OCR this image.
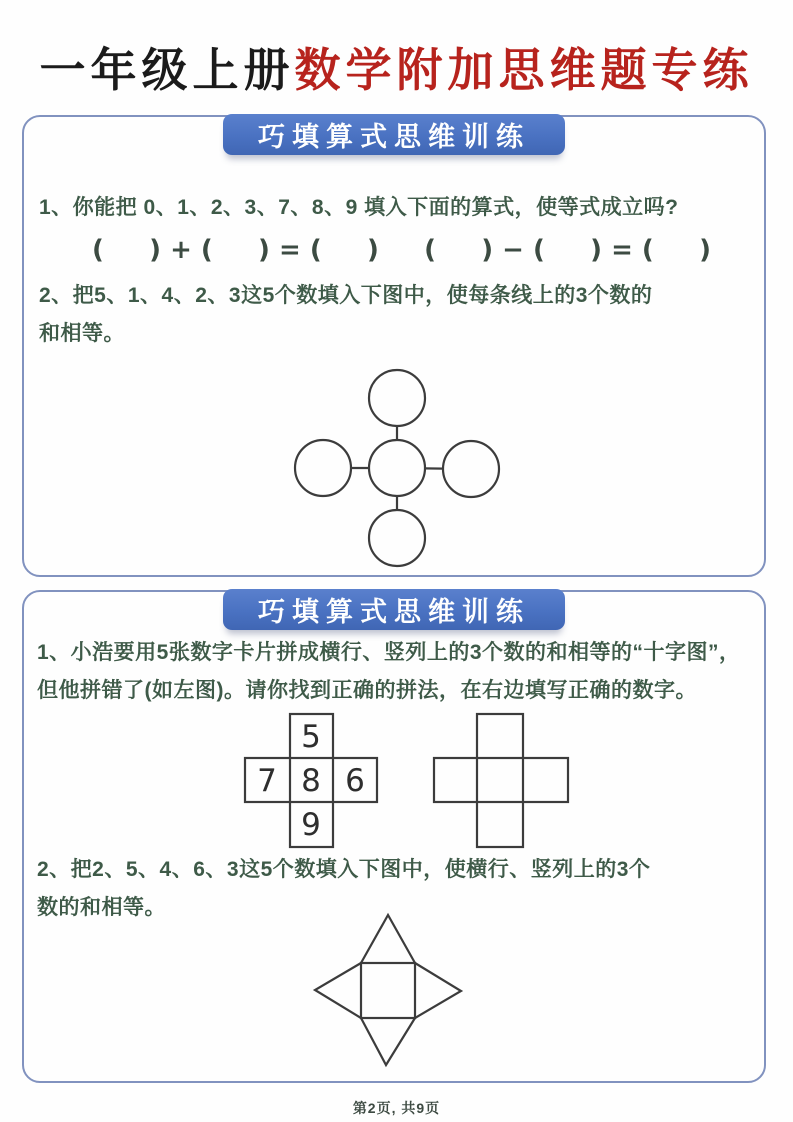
一年级上册数学附加思维题专练
巧填算式思维训练
1、你能把 0、1、2、3、7、8、9 填入下面的算式，使等式成立吗?
(     ) + (     ) = (     )     (     ) − (     ) = (     )
2、把5、1、4、2、3这5个数填入下图中，使每条线上的3个数的
和相等。
巧填算式思维训练
1、小浩要用5张数字卡片拼成横行、竖列上的3个数的和相等的“十字图”，
但他拼错了(如左图)。请你找到正确的拼法，在右边填写正确的数字。
5
7 8 6
9
2、把2、5、4、6、3这5个数填入下图中，使横行、竖列上的3个
数的和相等。
第2页, 共9页
